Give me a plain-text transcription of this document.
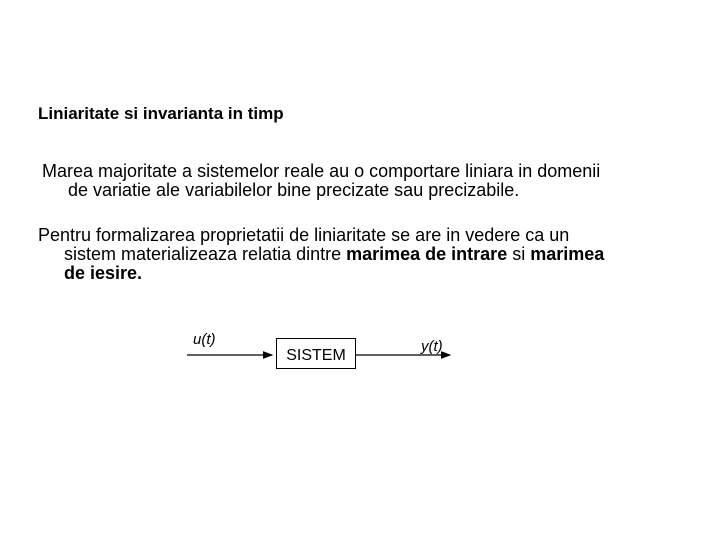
Liniaritate si invarianta in timp
Marea majoritate a sistemelor reale au o comportare liniara in domenii
de variatie ale variabilelor bine precizate sau precizabile.
Pentru formalizarea proprietatii de liniaritate se are in vedere ca un
sistem materializeaza relatia dintre marimea de intrare si marimea
de iesire.
u(t)
SISTEM
y(t)
